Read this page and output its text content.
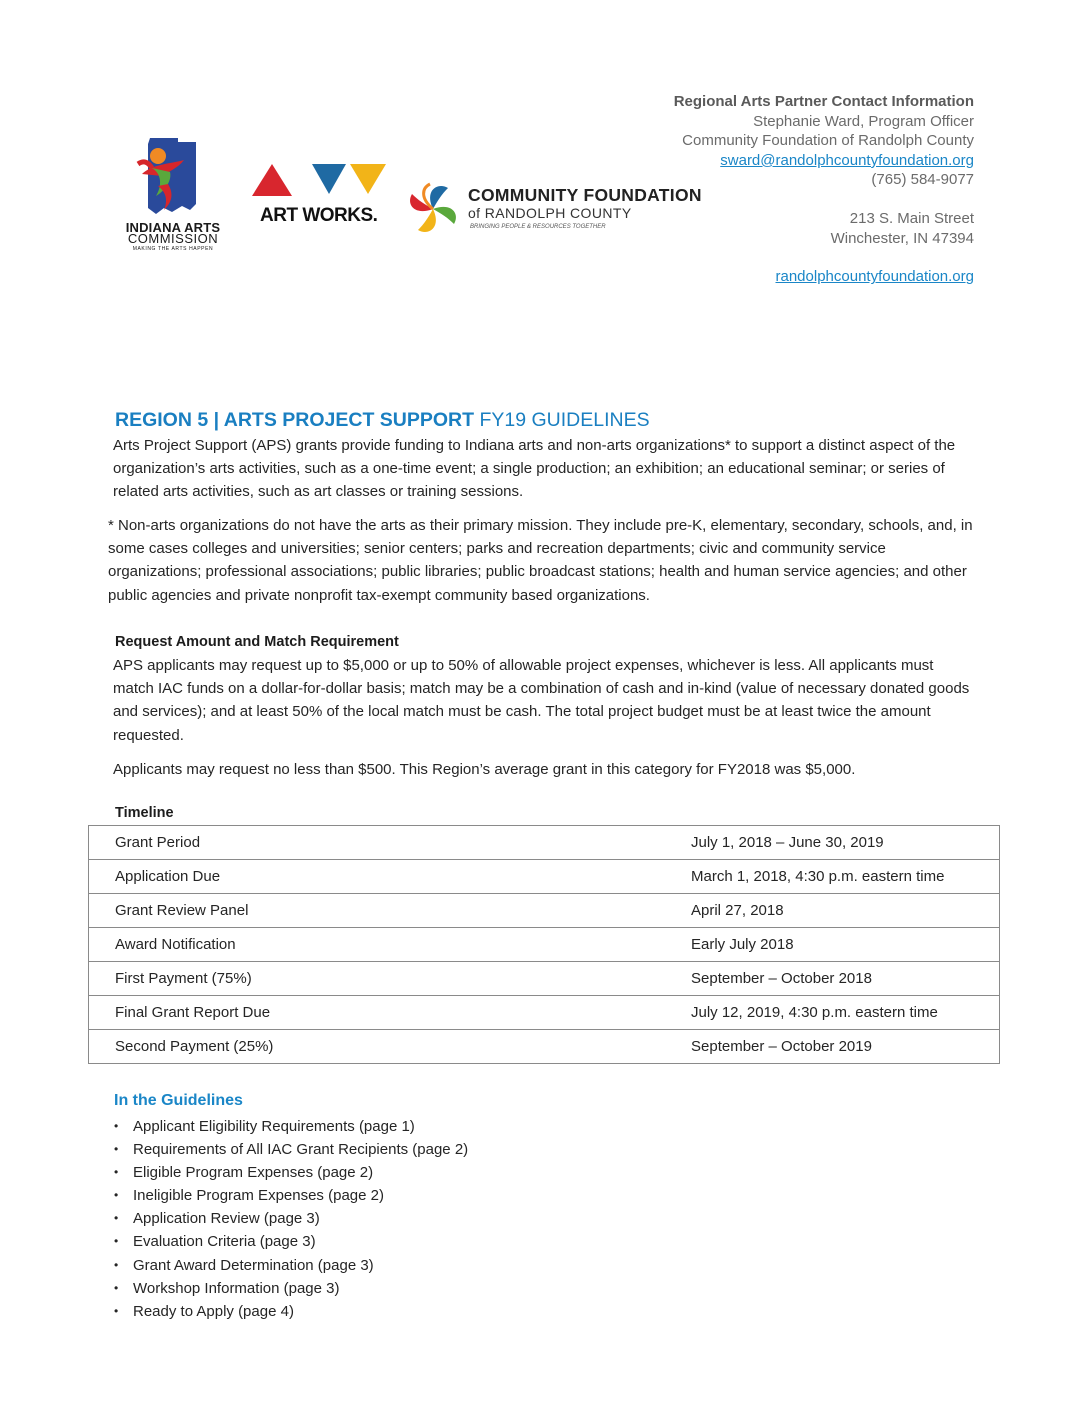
Regional Arts Partner Contact Information
Stephanie Ward, Program Officer
Community Foundation of Randolph County
sward@randolphcountyfoundation.org
(765) 584-9077
213 S. Main Street
Winchester, IN 47394
randolphcountyfoundation.org
INDIANA ARTS
COMMISSION
MAKING THE ARTS HAPPEN
ART WORKS.
COMMUNITY FOUNDATION
of RANDOLPH COUNTY
BRINGING PEOPLE & RESOURCES TOGETHER
REGION 5 | ARTS PROJECT SUPPORT FY19 GUIDELINES
Arts Project Support (APS) grants provide funding to Indiana arts and non-arts organizations* to support a distinct aspect of the organization’s arts activities, such as a one-time event; a single production; an exhibition; an educational seminar; or series of related arts activities, such as art classes or training sessions.
* Non-arts organizations do not have the arts as their primary mission. They include pre-K, elementary, secondary, schools, and, in some cases colleges and universities; senior centers; parks and recreation departments; civic and community service organizations; professional associations; public libraries; public broadcast stations; health and human service agencies; and other public agencies and private nonprofit tax-exempt community based organizations.
Request Amount and Match Requirement
APS applicants may request up to $5,000 or up to 50% of allowable project expenses, whichever is less. All applicants must match IAC funds on a dollar-for-dollar basis; match may be a combination of cash and in-kind (value of necessary donated goods and services); and at least 50% of the local match must be cash. The total project budget must be at least twice the amount requested.
Applicants may request no less than $500. This Region’s average grant in this category for FY2018 was $5,000.
Timeline
Grant Period	July 1, 2018 – June 30, 2019
Application Due	March 1, 2018, 4:30 p.m. eastern time
Grant Review Panel	April 27, 2018
Award Notification	Early July 2018
First Payment (75%)	September – October 2018
Final Grant Report Due	July 12, 2019, 4:30 p.m. eastern time
Second Payment (25%)	September – October 2019
In the Guidelines
• Applicant Eligibility Requirements (page 1)
• Requirements of All IAC Grant Recipients (page 2)
• Eligible Program Expenses (page 2)
• Ineligible Program Expenses (page 2)
• Application Review (page 3)
• Evaluation Criteria (page 3)
• Grant Award Determination (page 3)
• Workshop Information (page 3)
• Ready to Apply (page 4)
